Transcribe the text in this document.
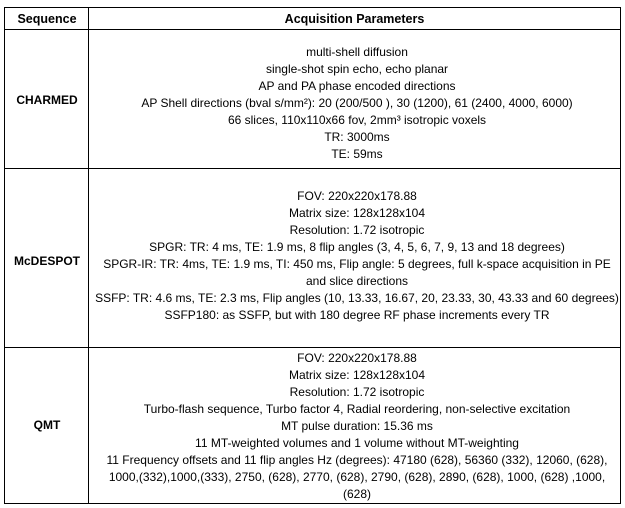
Sequence	Acquisition Parameters
CHARMED
multi-shell diffusion
single-shot spin echo, echo planar
AP and PA phase encoded directions
AP Shell directions (bval s/mm²): 20 (200/500 ), 30 (1200), 61 (2400, 4000, 6000)
66 slices, 110x110x66 fov, 2mm³ isotropic voxels
TR: 3000ms
TE: 59ms
McDESPOT
FOV: 220x220x178.88
Matrix size: 128x128x104
Resolution: 1.72 isotropic
SPGR: TR: 4 ms, TE: 1.9 ms, 8 flip angles (3, 4, 5, 6, 7, 9, 13 and 18 degrees)
SPGR-IR: TR: 4ms, TE: 1.9 ms, TI: 450 ms, Flip angle: 5 degrees, full k-space acquisition in PE and slice directions
SSFP: TR: 4.6 ms, TE: 2.3 ms, Flip angles (10, 13.33, 16.67, 20, 23.33, 30, 43.33 and 60 degrees)
SSFP180: as SSFP, but with 180 degree RF phase increments every TR
QMT
FOV: 220x220x178.88
Matrix size: 128x128x104
Resolution: 1.72 isotropic
Turbo-flash sequence, Turbo factor 4, Radial reordering, non-selective excitation
MT pulse duration: 15.36 ms
11 MT-weighted volumes and 1 volume without MT-weighting
11 Frequency offsets and 11 flip angles Hz (degrees): 47180 (628), 56360 (332), 12060, (628), 1000,(332),1000,(333), 2750, (628), 2770, (628), 2790, (628), 2890, (628), 1000, (628) ,1000, (628)
